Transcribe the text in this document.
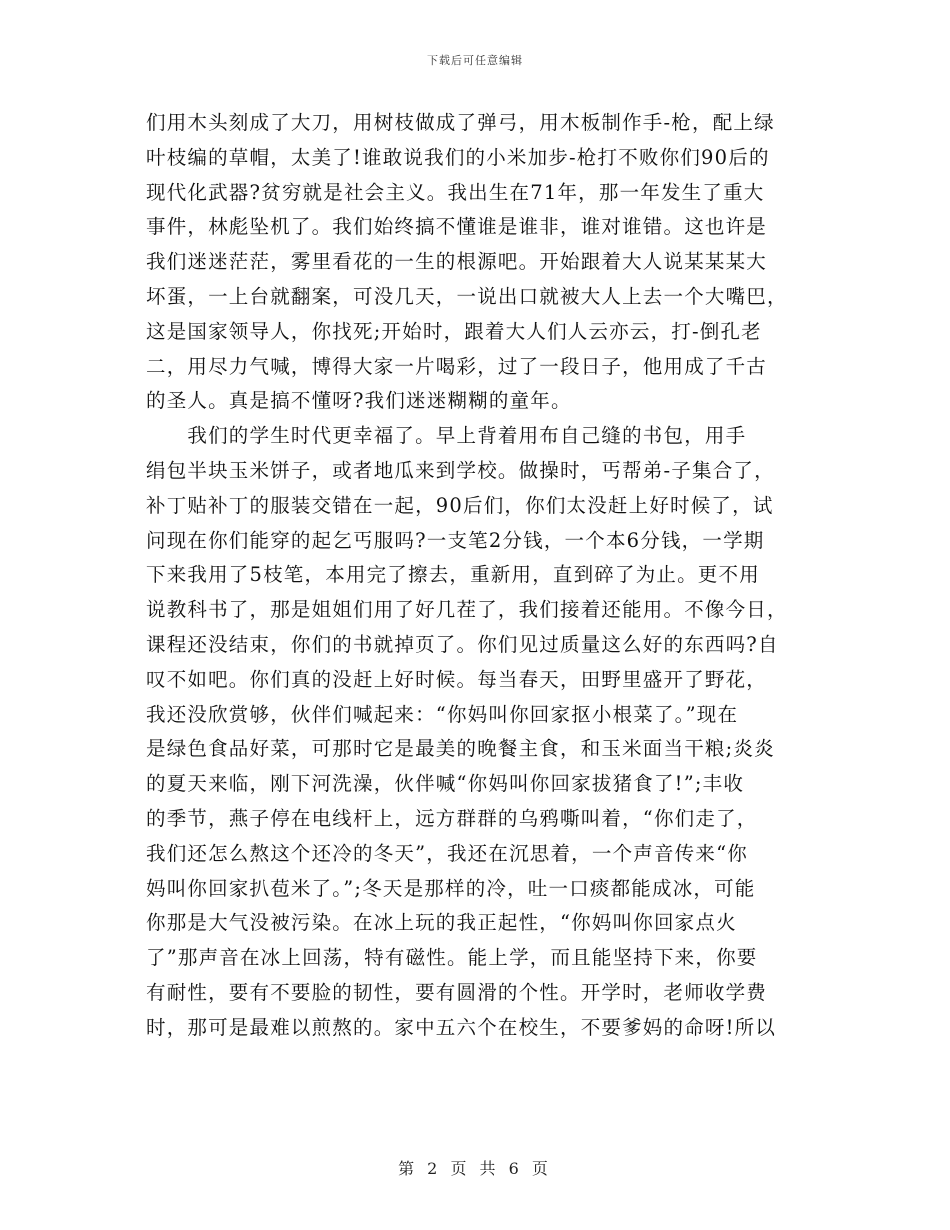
下载后可任意编辑
们用木头刻成了大刀，用树枝做成了弹弓，用木板制作手-枪，配上绿
叶枝编的草帽，太美了!谁敢说我们的小米加步-枪打不败你们90后的
现代化武器?贫穷就是社会主义。我出生在71年，那一年发生了重大
事件，林彪坠机了。我们始终搞不懂谁是谁非，谁对谁错。这也许是
我们迷迷茫茫，雾里看花的一生的根源吧。开始跟着大人说某某某大
坏蛋，一上台就翻案，可没几天，一说出口就被大人上去一个大嘴巴，
这是国家领导人，你找死;开始时，跟着大人们人云亦云，打-倒孔老
二，用尽力气喊，博得大家一片喝彩，过了一段日子，他用成了千古
的圣人。真是搞不懂呀?我们迷迷糊糊的童年。
　　我们的学生时代更幸福了。早上背着用布自己缝的书包，用手
绢包半块玉米饼子，或者地瓜来到学校。做操时，丐帮弟-子集合了，
补丁贴补丁的服装交错在一起，90后们，你们太没赶上好时候了，试
问现在你们能穿的起乞丐服吗?一支笔2分钱，一个本6分钱，一学期
下来我用了5枝笔，本用完了擦去，重新用，直到碎了为止。更不用
说教科书了，那是姐姐们用了好几茬了，我们接着还能用。不像今日，
课程还没结束，你们的书就掉页了。你们见过质量这么好的东西吗?自
叹不如吧。你们真的没赶上好时候。每当春天，田野里盛开了野花，
我还没欣赏够，伙伴们喊起来：“你妈叫你回家抠小根菜了。”现在
是绿色食品好菜，可那时它是最美的晚餐主食，和玉米面当干粮;炎炎
的夏天来临，刚下河洗澡，伙伴喊“你妈叫你回家拔猪食了!”;丰收
的季节，燕子停在电线杆上，远方群群的乌鸦嘶叫着，“你们走了，
我们还怎么熬这个还冷的冬天”，我还在沉思着，一个声音传来“你
妈叫你回家扒苞米了。”;冬天是那样的冷，吐一口痰都能成冰，可能
你那是大气没被污染。在冰上玩的我正起性，“你妈叫你回家点火
了”那声音在冰上回荡，特有磁性。能上学，而且能坚持下来，你要
有耐性，要有不要脸的韧性，要有圆滑的个性。开学时，老师收学费
时，那可是最难以煎熬的。家中五六个在校生，不要爹妈的命呀!所以
第 2 页 共 6 页
